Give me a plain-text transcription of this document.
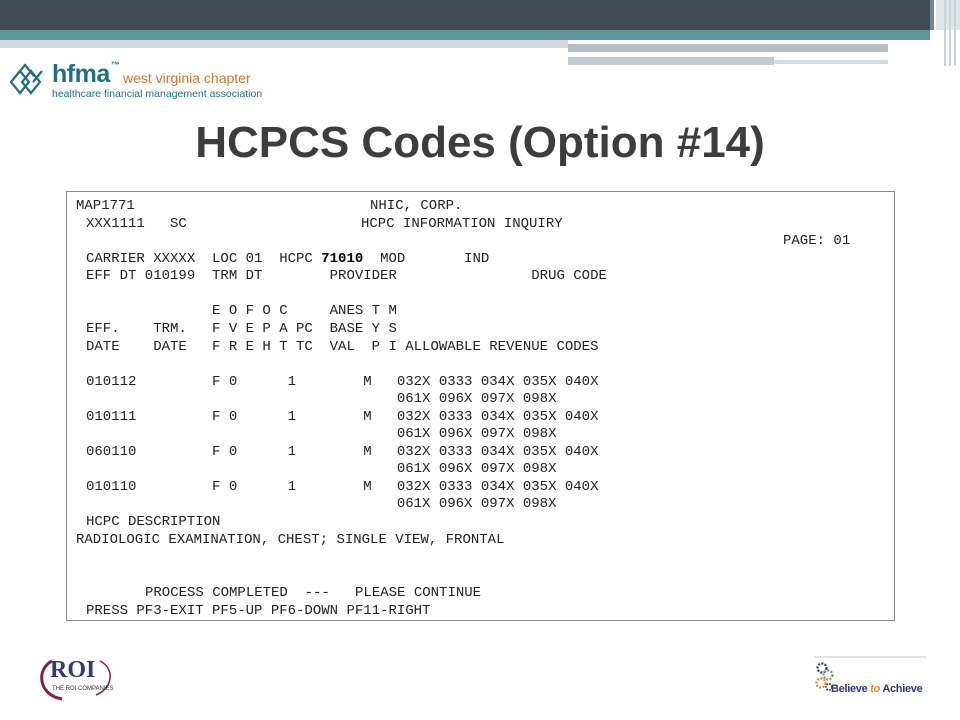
hfma™
west virginia chapter
healthcare financial management association
HCPCS Codes (Option #14)
MAP1771	NHIC, CORP.
XXX1111   SC	HCPC INFORMATION INQUIRY
PAGE: 01
CARRIER XXXXX  LOC 01  HCPC 71010  MOD       IND
EFF DT 010199  TRM DT        PROVIDER                DRUG CODE
E O F O C     ANES T M
EFF.    TRM.   F V E P A PC  BASE Y S
DATE    DATE   F R E H T TC  VAL  P I ALLOWABLE REVENUE CODES
010112         F 0      1        M   032X 0333 034X 035X 040X
061X 096X 097X 098X
010111         F 0      1        M   032X 0333 034X 035X 040X
061X 096X 097X 098X
060110         F 0      1        M   032X 0333 034X 035X 040X
061X 096X 097X 098X
010110         F 0      1        M   032X 0333 034X 035X 040X
061X 096X 097X 098X
HCPC DESCRIPTION
RADIOLOGIC EXAMINATION, CHEST; SINGLE VIEW, FRONTAL
PROCESS COMPLETED  ---   PLEASE CONTINUE
PRESS PF3-EXIT PF5-UP PF6-DOWN PF11-RIGHT
ROI
THE ROI COMPANIES	Believe to Achieve
